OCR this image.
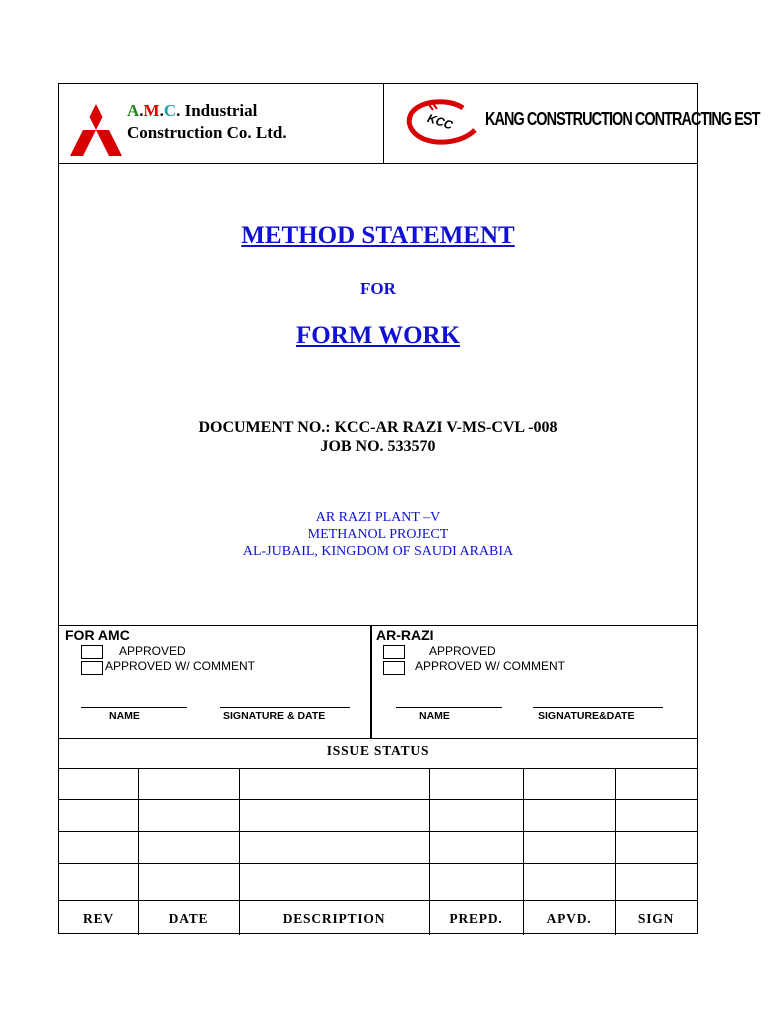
A.M.C. Industrial
Construction Co. Ltd.
KCC KANG CONSTRUCTION CONTRACTING EST
METHOD STATEMENT
FOR
FORM WORK
DOCUMENT NO.: KCC-AR RAZI V-MS-CVL -008
JOB NO. 533570
AR RAZI PLANT –V
METHANOL PROJECT
AL-JUBAIL, KINGDOM OF SAUDI ARABIA
FOR AMC
APPROVED
APPROVED W/ COMMENT
NAME	SIGNATURE & DATE
AR-RAZI
APPROVED
APPROVED W/ COMMENT
NAME	SIGNATURE&DATE
ISSUE STATUS
REV	DATE	DESCRIPTION	PREPD.	APVD.	SIGN
